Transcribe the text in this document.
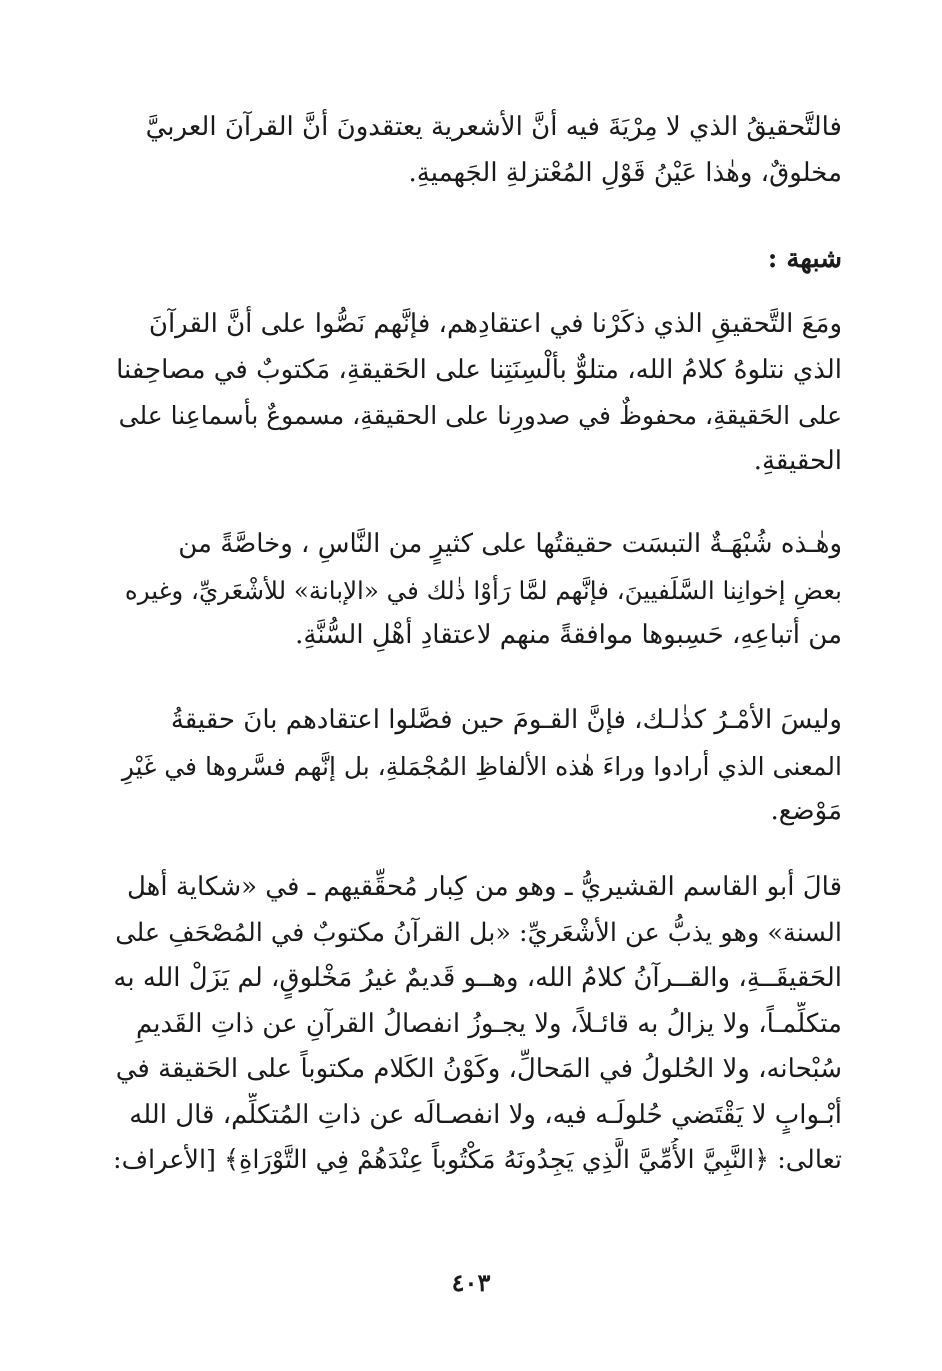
فالتَّحقيقُ الذي لا مِرْيَةَ فيه أنَّ الأشعرية يعتقدونَ أنَّ القرآنَ العربيَّ
مخلوقٌ، وهٰذا عَيْنُ قَوْلِ المُعْتزلةِ الجَهميةِ.

شبهة :

ومَعَ التَّحقيقِ الذي ذكَرْنا في اعتقادِهم، فإنَّهم نَصُّوا على أنَّ القرآنَ
الذي نتلوهُ كلامُ الله، متلوٌّ بألْسِنَتِنا على الحَقيقةِ، مَكتوبٌ في مصاحِفنا
على الحَقيقةِ، محفوظٌ في صدورِنا على الحقيقةِ، مسموعٌ بأسماعِنا على
الحقيقةِ.

وهٰـذه شُبْهَـةٌ التبسَت حقيقتُها على كثيرٍ من النَّاسِ ، وخاصَّةً من
بعضِ إخوانِنا السَّلَفيينَ، فإنَّهم لمَّا رَأوْا ذٰلك في «الإبانة» للأشْعَريِّ، وغيره
من أتباعِهِ، حَسِبوها موافقةً منهم لاعتقادِ أهْلِ السُّنَّةِ.

وليسَ الأمْـرُ كذٰلـك، فإنَّ القـومَ حين فصَّلوا اعتقادهم بانَ حقيقةُ
المعنى الذي أرادوا وراءَ هٰذه الألفاظِ المُجْمَلةِ، بل إنَّهم فسَّروها في غَيْرِ
مَوْضع.

قالَ أبو القاسم القشيريُّ ـ وهو من كِبار مُحقِّقيهم ـ في «شكاية أهل
السنة» وهو يذبُّ عن الأشْعَريِّ: «بل القرآنُ مكتوبٌ في المُصْحَفِ على
الحَقيقَــةِ، والقــرآنُ كلامُ الله، وهــو قَديمٌ غيرُ مَخْلوقٍ، لم يَزَلْ الله به
متكلِّمـاً، ولا يزالُ به قائـلاً، ولا يجـوزُ انفصالُ القرآنِ عن ذاتِ القَديمِ
سُبْحانه، ولا الحُلولُ في المَحالِّ، وكَوْنُ الكَلام مكتوباً على الحَقيقة في
أبْـوابٍ لا يَقْتَضي حُلولَـه فيه، ولا انفصـالَه عن ذاتِ المُتكلِّم، قال الله
تعالى: ﴿النَّبِيَّ الأُمِّيَّ الَّذِي يَجِدُونَهُ مَكْتُوباً عِنْدَهُمْ فِي التَّوْرَاةِ﴾ [الأعراف:

٤٠٣
